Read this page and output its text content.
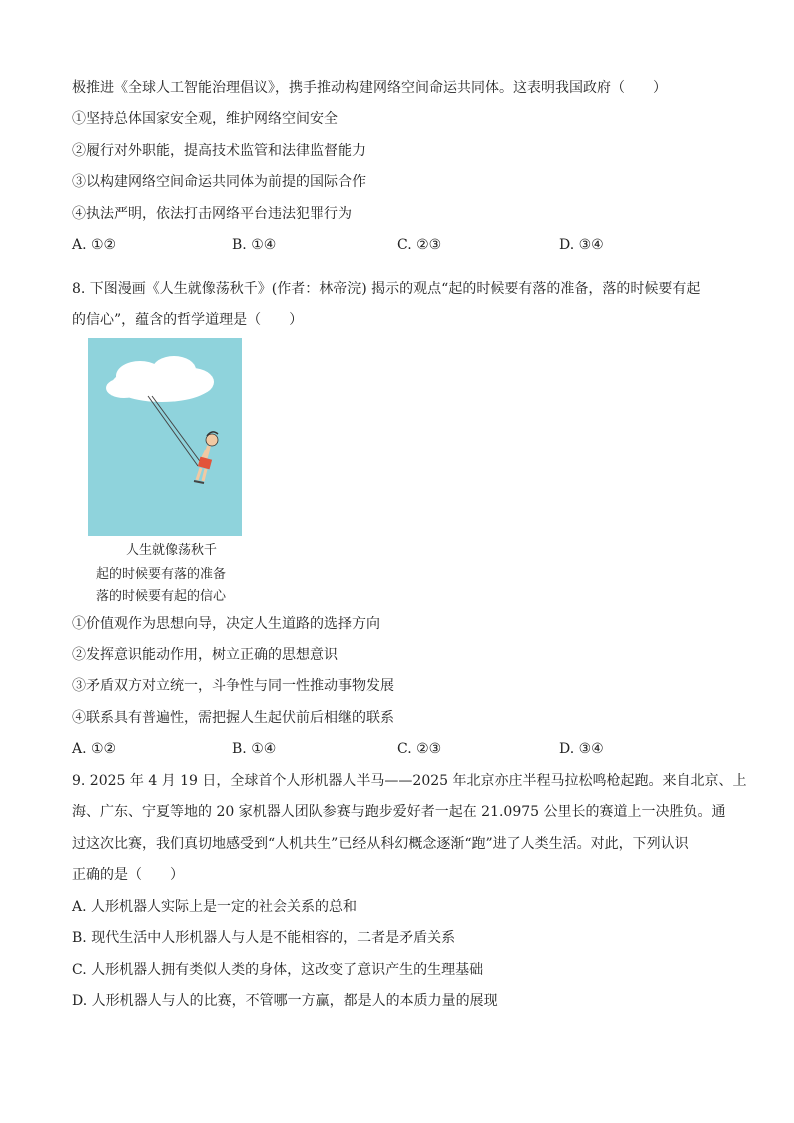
极推进《全球人工智能治理倡议》，携手推动构建网络空间命运共同体。这表明我国政府（　　）
①坚持总体国家安全观，维护网络空间安全
②履行对外职能，提高技术监管和法律监督能力
③以构建网络空间命运共同体为前提的国际合作
④执法严明，依法打击网络平台违法犯罪行为
A. ①②	B. ①④	C. ②③	D. ③④
8. 下图漫画《人生就像荡秋千》(作者：林帝浣) 揭示的观点“起的时候要有落的准备，落的时候要有起
的信心”，蕴含的哲学道理是（　　）
人生就像荡秋千
起的时候要有落的准备
落的时候要有起的信心
①价值观作为思想向导，决定人生道路的选择方向
②发挥意识能动作用，树立正确的思想意识
③矛盾双方对立统一，斗争性与同一性推动事物发展
④联系具有普遍性，需把握人生起伏前后相继的联系
A. ①②	B. ①④	C. ②③	D. ③④
9. 2025 年 4 月 19 日，全球首个人形机器人半马——2025 年北京亦庄半程马拉松鸣枪起跑。来自北京、上
海、广东、宁夏等地的 20 家机器人团队参赛与跑步爱好者一起在 21.0975 公里长的赛道上一决胜负。通
过这次比赛，我们真切地感受到“人机共生”已经从科幻概念逐渐“跑”进了人类生活。对此，下列认识
正确的是（　　）
A. 人形机器人实际上是一定的社会关系的总和
B. 现代生活中人形机器人与人是不能相容的，二者是矛盾关系
C. 人形机器人拥有类似人类的身体，这改变了意识产生的生理基础
D. 人形机器人与人的比赛，不管哪一方赢，都是人的本质力量的展现
